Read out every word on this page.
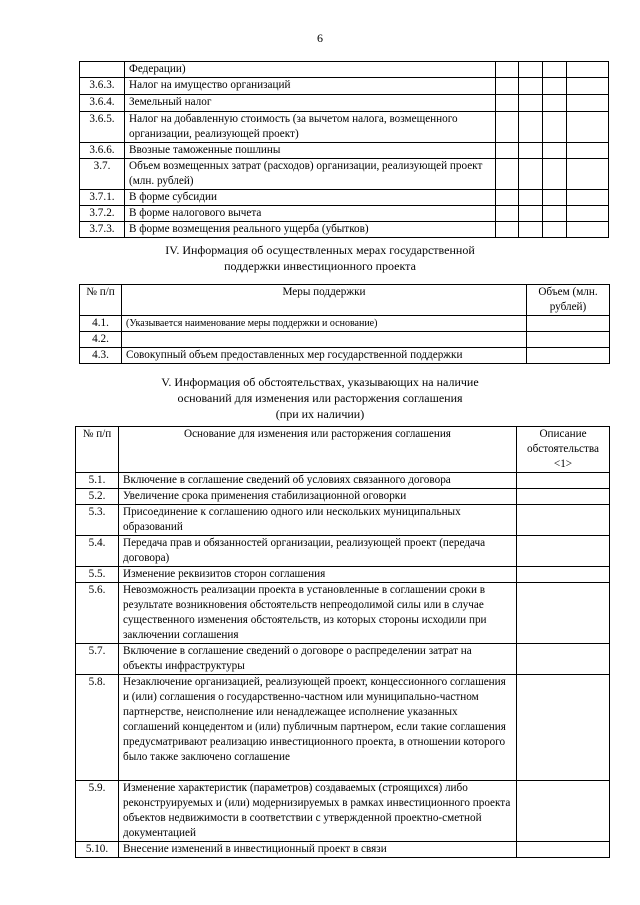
6
	Федерации)				
3.6.3.	Налог на имущество организаций				
3.6.4.	Земельный налог				
3.6.5.	Налог на добавленную стоимость (за вычетом налога, возмещенного организации, реализующей проект)				
3.6.6.	Ввозные таможенные пошлины				
3.7.	Объем возмещенных затрат (расходов) организации, реализующей проект (млн. рублей)				
3.7.1.	В форме субсидии				
3.7.2.	В форме налогового вычета				
3.7.3.	В форме возмещения реального ущерба (убытков)				
IV. Информация об осуществленных мерах государственной
поддержки инвестиционного проекта
№ п/п	Меры поддержки	Объем (млн. рублей)
4.1.	(Указывается наименование меры поддержки и основание)	
4.2.		
4.3.	Совокупный объем предоставленных мер государственной поддержки	
V. Информация об обстоятельствах, указывающих на наличие
оснований для изменения или расторжения соглашения
(при их наличии)
№ п/п	Основание для изменения или расторжения соглашения	Описание обстоятельства <1>
5.1.	Включение в соглашение сведений об условиях связанного договора	
5.2.	Увеличение срока применения стабилизационной оговорки	
5.3.	Присоединение к соглашению одного или нескольких муниципальных образований	
5.4.	Передача прав и обязанностей организации, реализующей проект (передача договора)	
5.5.	Изменение реквизитов сторон соглашения	
5.6.	Невозможность реализации проекта в установленные в соглашении сроки в результате возникновения обстоятельств непреодолимой силы или в случае существенного изменения обстоятельств, из которых стороны исходили при заключении соглашения	
5.7.	Включение в соглашение сведений о договоре о распределении затрат на объекты инфраструктуры	
5.8.	Незаключение организацией, реализующей проект, концессионного соглашения и (или) соглашения о государственно-частном или муниципально-частном партнерстве, неисполнение или ненадлежащее исполнение указанных соглашений концедентом и (или) публичным партнером, если такие соглашения предусматривают реализацию инвестиционного проекта, в отношении которого было также заключено соглашение	
5.9.	Изменение характеристик (параметров) создаваемых (строящихся) либо реконструируемых и (или) модернизируемых в рамках инвестиционного проекта объектов недвижимости в соответствии с утвержденной проектно-сметной документацией	
5.10.	Внесение изменений в инвестиционный проект в связи	
